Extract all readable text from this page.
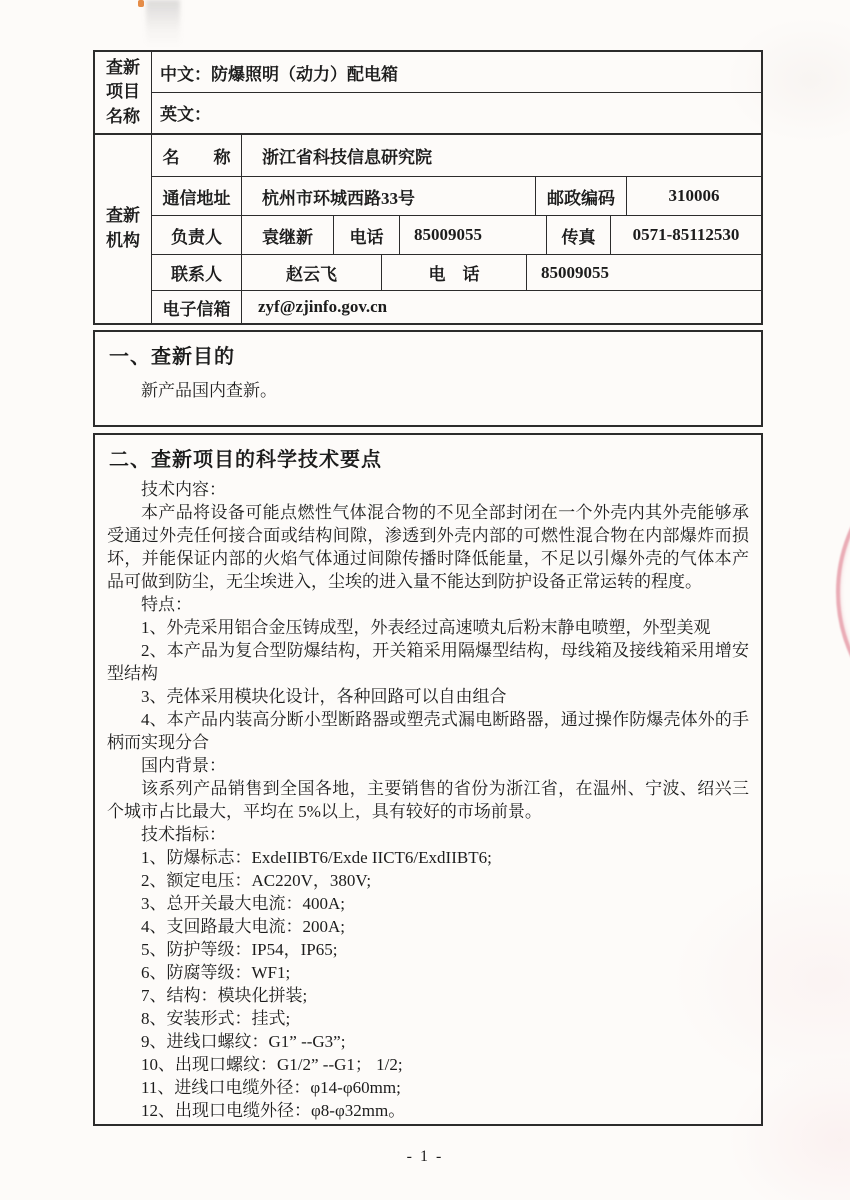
查新项目名称
中文：防爆照明（动力）配电箱
英文：
查新机构
名　　称	浙江省科技信息研究院
通信地址	杭州市环城西路33号	邮政编码	310006
负责人	袁继新	电话	85009055	传真	0571-85112530
联系人	赵云飞	电　话	85009055
电子信箱	zyf@zjinfo.gov.cn
一、查新目的

新产品国内查新。

二、查新项目的科学技术要点

技术内容：

本产品将设备可能点燃性气体混合物的不见全部封闭在一个外壳内其外壳能够承受通过外壳任何接合面或结构间隙，渗透到外壳内部的可燃性混合物在内部爆炸而损坏，并能保证内部的火焰气体通过间隙传播时降低能量，不足以引爆外壳的气体本产品可做到防尘，无尘埃进入，尘埃的进入量不能达到防护设备正常运转的程度。

特点：

1、外壳采用铝合金压铸成型，外表经过高速喷丸后粉末静电喷塑，外型美观

2、本产品为复合型防爆结构，开关箱采用隔爆型结构，母线箱及接线箱采用增安型结构

3、壳体采用模块化设计，各种回路可以自由组合

4、本产品内装高分断小型断路器或塑壳式漏电断路器，通过操作防爆壳体外的手柄而实现分合

国内背景：

该系列产品销售到全国各地，主要销售的省份为浙江省，在温州、宁波、绍兴三个城市占比最大，平均在 5%以上，具有较好的市场前景。

技术指标：

1、防爆标志：ExdeIIBT6/Exde IICT6/ExdIIBT6;

2、额定电压：AC220V，380V;

3、总开关最大电流：400A;

4、支回路最大电流：200A;

5、防护等级：IP54，IP65;

6、防腐等级：WF1;

7、结构：模块化拼装;

8、安装形式：挂式;

9、进线口螺纹：G1” --G3”;

10、出现口螺纹：G1/2” --G1； 1/2;

11、进线口电缆外径：φ14-φ60mm;

12、出现口电缆外径：φ8-φ32mm。

- 1 -
